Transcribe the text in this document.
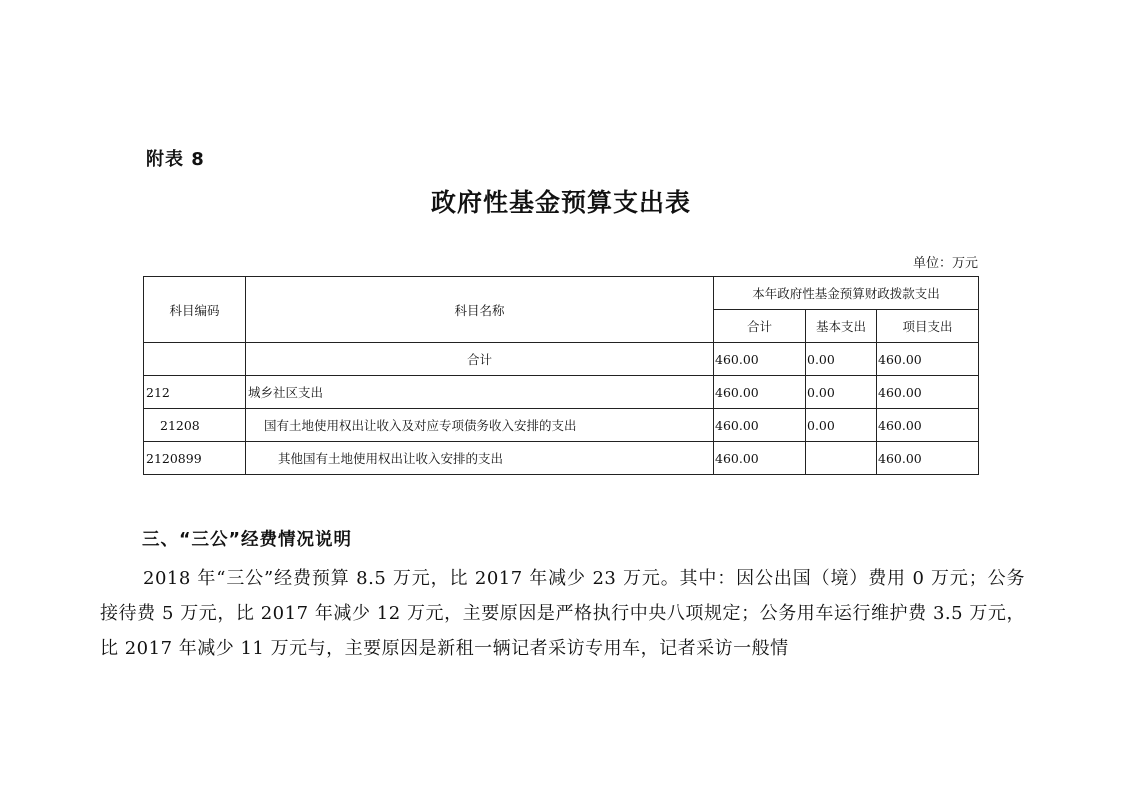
附表 8
政府性基金预算支出表
单位：万元
科目编码	科目名称	本年政府性基金预算财政拨款支出		
		合计	基本支出	项目支出
	合计	460.00	0.00	460.00
212	城乡社区支出	460.00	0.00	460.00
21208	国有土地使用权出让收入及对应专项债务收入安排的支出	460.00	0.00	460.00
2120899	其他国有土地使用权出让收入安排的支出	460.00		460.00
三、“三公”经费情况说明
2018 年“三公”经费预算 8.5 万元，比 2017 年减少 23 万元。其中：因公出国（境）费用 0 万元；公务接待费 5 万元，比 2017 年减少 12 万元，主要原因是严格执行中央八项规定；公务用车运行维护费 3.5 万元，比 2017 年减少 11 万元与，主要原因是新租一辆记者采访专用车，记者采访一般情
